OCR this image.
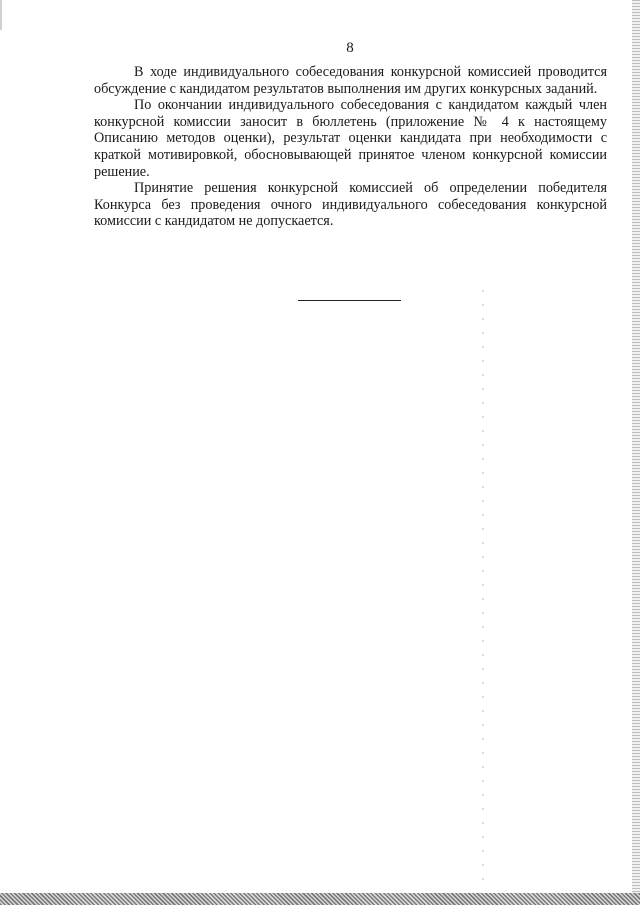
8

В ходе индивидуального собеседования конкурсной комиссией проводится обсуждение с кандидатом результатов выполнения им других конкурсных заданий.

По окончании индивидуального собеседования с кандидатом каждый член конкурсной комиссии заносит в бюллетень (приложение № 4 к настоящему Описанию методов оценки), результат оценки кандидата при необходимости с краткой мотивировкой, обосновывающей принятое членом конкурсной комиссии решение.

Принятие решения конкурсной комиссией об определении победителя Конкурса без проведения очного индивидуального собеседования конкурсной комиссии с кандидатом не допускается.
